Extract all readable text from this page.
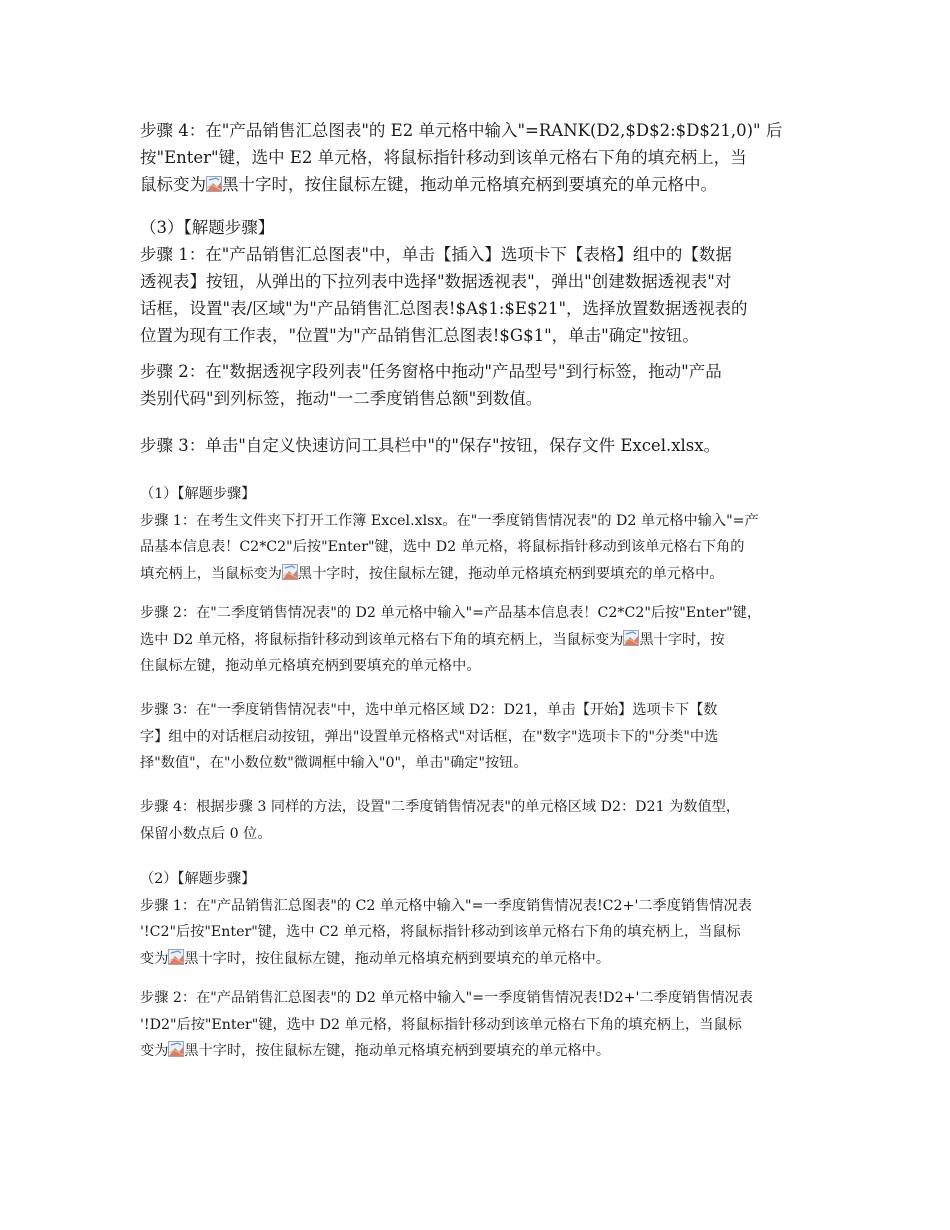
步骤 4：在"产品销售汇总图表"的 E2 单元格中输入"=RANK(D2,$D$2:$D$21,0)" 后
按"Enter"键，选中 E2 单元格，将鼠标指针移动到该单元格右下角的填充柄上，当
鼠标变为 黑十字时，按住鼠标左键，拖动单元格填充柄到要填充的单元格中。
（3）【解题步骤】
步骤 1：在"产品销售汇总图表"中，单击【插入】选项卡下【表格】组中的【数据
透视表】按钮，从弹出的下拉列表中选择"数据透视表"，弹出"创建数据透视表"对
话框，设置"表/区域"为"产品销售汇总图表!$A$1:$E$21"，选择放置数据透视表的
位置为现有工作表，"位置"为"产品销售汇总图表!$G$1"，单击"确定"按钮。
步骤 2：在"数据透视字段列表"任务窗格中拖动"产品型号"到行标签，拖动"产品
类别代码"到列标签，拖动"一二季度销售总额"到数值。
步骤 3：单击"自定义快速访问工具栏中"的"保存"按钮，保存文件 Excel.xlsx。
（1）【解题步骤】
步骤 1：在考生文件夹下打开工作簿 Excel.xlsx。在"一季度销售情况表"的 D2 单元格中输入"=产
品基本信息表！C2*C2"后按"Enter"键，选中 D2 单元格，将鼠标指针移动到该单元格右下角的
填充柄上，当鼠标变为 黑十字时，按住鼠标左键，拖动单元格填充柄到要填充的单元格中。
步骤 2：在"二季度销售情况表"的 D2 单元格中输入"=产品基本信息表！C2*C2"后按"Enter"键，
选中 D2 单元格，将鼠标指针移动到该单元格右下角的填充柄上，当鼠标变为 黑十字时，按
住鼠标左键，拖动单元格填充柄到要填充的单元格中。
步骤 3：在"一季度销售情况表"中，选中单元格区域 D2：D21，单击【开始】选项卡下【数
字】组中的对话框启动按钮，弹出"设置单元格格式"对话框，在"数字"选项卡下的"分类"中选
择"数值"，在"小数位数"微调框中输入"0"，单击"确定"按钮。
步骤 4：根据步骤 3 同样的方法，设置"二季度销售情况表"的单元格区域 D2：D21 为数值型，
保留小数点后 0 位。
（2）【解题步骤】
步骤 1：在"产品销售汇总图表"的 C2 单元格中输入"=一季度销售情况表!C2+'二季度销售情况表
'!C2"后按"Enter"键，选中 C2 单元格，将鼠标指针移动到该单元格右下角的填充柄上，当鼠标
变为 黑十字时，按住鼠标左键，拖动单元格填充柄到要填充的单元格中。
步骤 2：在"产品销售汇总图表"的 D2 单元格中输入"=一季度销售情况表!D2+'二季度销售情况表
'!D2"后按"Enter"键，选中 D2 单元格，将鼠标指针移动到该单元格右下角的填充柄上，当鼠标
变为 黑十字时，按住鼠标左键，拖动单元格填充柄到要填充的单元格中。
